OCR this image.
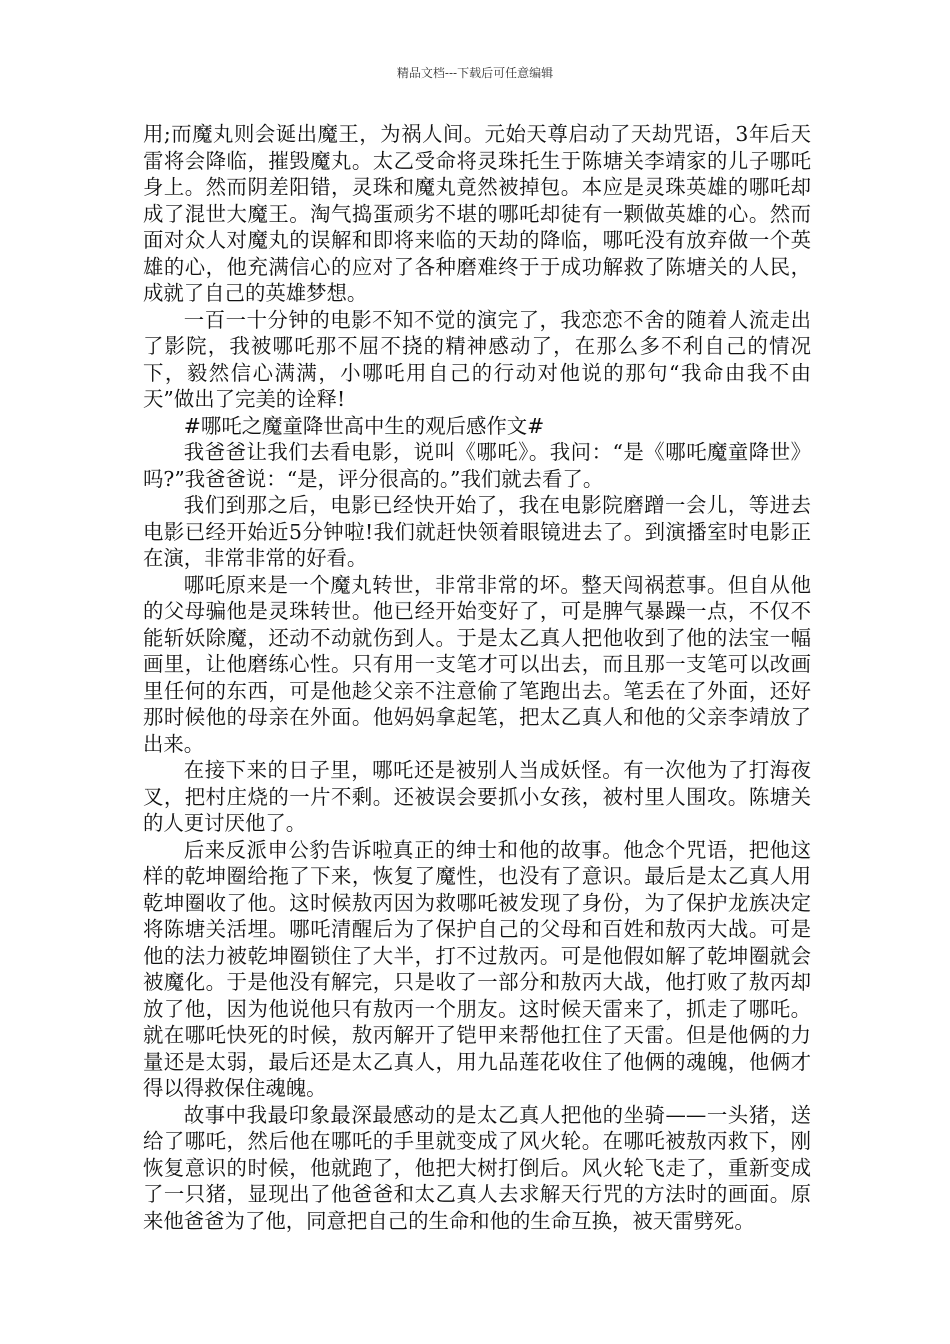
精品文档---下载后可任意编辑

用;而魔丸则会诞出魔王，为祸人间。元始天尊启动了天劫咒语，3年后天雷将会降临，摧毁魔丸。太乙受命将灵珠托生于陈塘关李靖家的儿子哪吒身上。然而阴差阳错，灵珠和魔丸竟然被掉包。本应是灵珠英雄的哪吒却成了混世大魔王。淘气捣蛋顽劣不堪的哪吒却徒有一颗做英雄的心。然而面对众人对魔丸的误解和即将来临的天劫的降临，哪吒没有放弃做一个英雄的心，他充满信心的应对了各种磨难终于于成功解救了陈塘关的人民，成就了自己的英雄梦想。

一百一十分钟的电影不知不觉的演完了，我恋恋不舍的随着人流走出了影院，我被哪吒那不屈不挠的精神感动了，在那么多不利自己的情况下，毅然信心满满，小哪吒用自己的行动对他说的那句“我命由我不由天”做出了完美的诠释!

#哪吒之魔童降世高中生的观后感作文#

我爸爸让我们去看电影，说叫《哪吒》。我问：“是《哪吒魔童降世》吗?”我爸爸说：“是，评分很高的。”我们就去看了。

我们到那之后，电影已经快开始了，我在电影院磨蹭一会儿，等进去电影已经开始近5分钟啦!我们就赶快领着眼镜进去了。到演播室时电影正在演，非常非常的好看。

哪吒原来是一个魔丸转世，非常非常的坏。整天闯祸惹事。但自从他的父母骗他是灵珠转世。他已经开始变好了，可是脾气暴躁一点，不仅不能斩妖除魔，还动不动就伤到人。于是太乙真人把他收到了他的法宝一幅画里，让他磨练心性。只有用一支笔才可以出去，而且那一支笔可以改画里任何的东西，可是他趁父亲不注意偷了笔跑出去。笔丢在了外面，还好那时候他的母亲在外面。他妈妈拿起笔，把太乙真人和他的父亲李靖放了出来。

在接下来的日子里，哪吒还是被别人当成妖怪。有一次他为了打海夜叉，把村庄烧的一片不剩。还被误会要抓小女孩，被村里人围攻。陈塘关的人更讨厌他了。

后来反派申公豹告诉啦真正的绅士和他的故事。他念个咒语，把他这样的乾坤圈给拖了下来，恢复了魔性，也没有了意识。最后是太乙真人用乾坤圈收了他。这时候敖丙因为救哪吒被发现了身份，为了保护龙族决定将陈塘关活埋。哪吒清醒后为了保护自己的父母和百姓和敖丙大战。可是他的法力被乾坤圈锁住了大半，打不过敖丙。可是他假如解了乾坤圈就会被魔化。于是他没有解完，只是收了一部分和敖丙大战，他打败了敖丙却放了他，因为他说他只有敖丙一个朋友。这时候天雷来了，抓走了哪吒。就在哪吒快死的时候，敖丙解开了铠甲来帮他扛住了天雷。但是他俩的力量还是太弱，最后还是太乙真人，用九品莲花收住了他俩的魂魄，他俩才得以得救保住魂魄。

故事中我最印象最深最感动的是太乙真人把他的坐骑——一头猪，送给了哪吒，然后他在哪吒的手里就变成了风火轮。在哪吒被敖丙救下，刚恢复意识的时候，他就跑了，他把大树打倒后。风火轮飞走了，重新变成了一只猪，显现出了他爸爸和太乙真人去求解天行咒的方法时的画面。原来他爸爸为了他，同意把自己的生命和他的生命互换，被天雷劈死。
